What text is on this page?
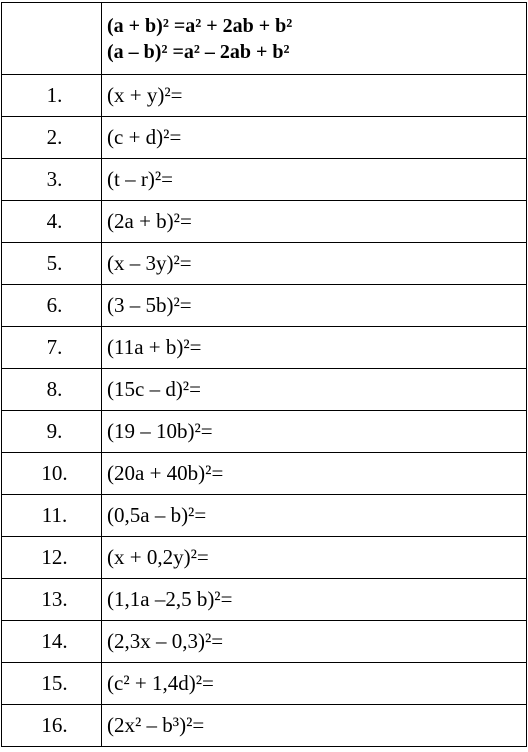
	(a + b)² =a² + 2ab + b²
(a – b)² =a² – 2ab + b²

1.	(x + y)²=
2.	(c + d)²=
3.	(t – r)²=
4.	(2a + b)²=
5.	(x – 3y)²=
6.	(3 – 5b)²=
7.	(11a + b)²=
8.	(15c – d)²=
9.	(19 – 10b)²=
10.	(20a + 40b)²=
11.	(0,5a – b)²=
12.	(x + 0,2y)²=
13.	(1,1a –2,5 b)²=
14.	(2,3x – 0,3)²=
15.	(c² + 1,4d)²=
16.	(2x² – b³)²=
